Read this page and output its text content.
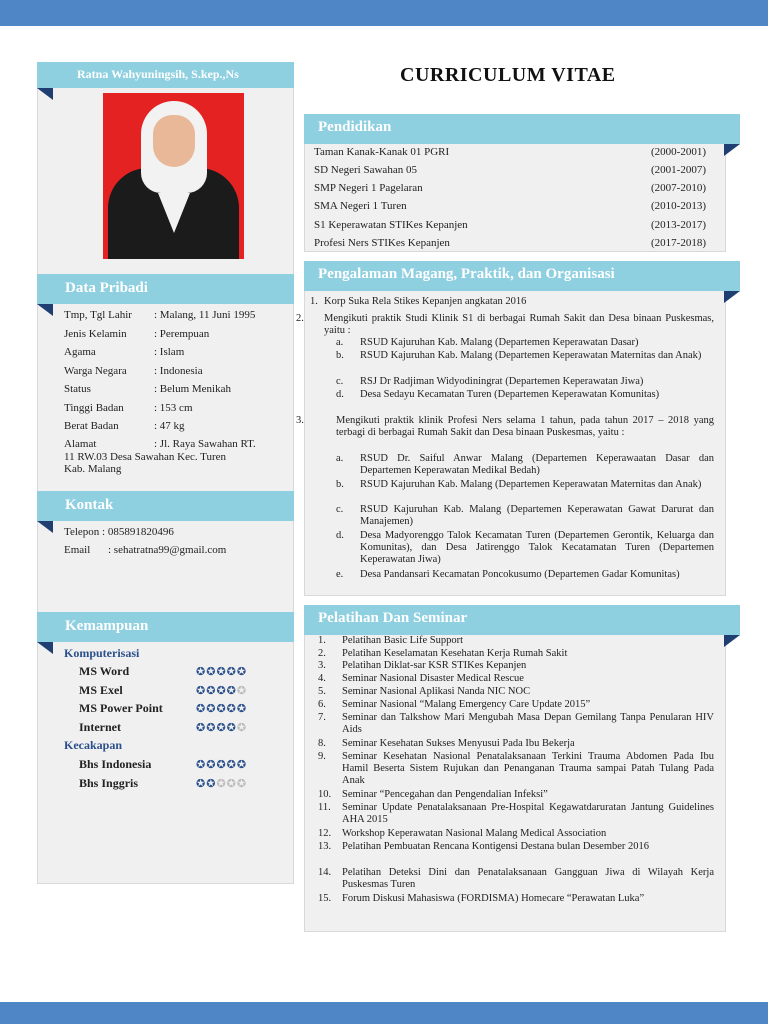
Ratna Wahyuningsih, S.kep.,Ns
Data Pribadi
Tmp, Tgl Lahir : Malang, 11 Juni 1995
Jenis Kelamin : Perempuan
Agama	: Islam
Warga Negara : Indonesia
Status	: Belum Menikah
Tinggi Badan	: 153 cm
Berat Badan	: 47 kg
Alamat	: Jl. Raya Sawahan RT.
11 RW.03 Desa Sawahan Kec. Turen
Kab. Malang
Kontak
Telepon : 085891820496
Email : sehatratna99@gmail.com
Kemampuan
Komputerisasi
MS Word	✪✪✪✪✪
MS Exel	✪✪✪✪✪
MS Power Point	✪✪✪✪✪
Internet	✪✪✪✪✪
Kecakapan
Bhs Indonesia	✪✪✪✪✪
Bhs Inggris	✪✪✪✪✪
CURRICULUM VITAE
Pendidikan
Taman Kanak-Kanak 01 PGRI	(2000-2001)
SD Negeri Sawahan 05	(2001-2007)
SMP Negeri 1 Pagelaran	(2007-2010)
SMA Negeri 1 Turen	(2010-2013)
S1 Keperawatan STIKes Kepanjen	(2013-2017)
Profesi Ners STIKes Kepanjen	(2017-2018)
Pengalaman Magang, Praktik, dan Organisasi
1. Korp Suka Rela Stikes Kepanjen angkatan 2016
2. Mengikuti praktik Studi Klinik S1 di berbagai Rumah Sakit dan Desa binaan Puskesmas, yaitu :
a. RSUD Kajuruhan Kab. Malang (Departemen Keperawatan Dasar)
b. RSUD Kajuruhan Kab. Malang (Departemen Keperawatan Maternitas dan Anak)
c. RSJ Dr Radjiman Widyodiningrat (Departemen Keperawatan Jiwa)
d. Desa Sedayu Kecamatan Turen (Departemen Keperawatan Komunitas)
3.	Mengikuti praktik klinik Profesi Ners selama 1 tahun, pada tahun 2017 – 2018 yang terbagi di berbagai Rumah Sakit dan Desa binaan Puskesmas, yaitu :
a. RSUD Dr. Saiful Anwar Malang (Departemen Keperawaatan Dasar dan Departemen Keperawatan Medikal Bedah)
b. RSUD Kajuruhan Kab. Malang (Departemen Keperawatan Maternitas dan Anak)
c. RSUD Kajuruhan Kab. Malang (Departemen Keperawatan Gawat Darurat dan Manajemen)
d. Desa Madyorenggo Talok Kecamatan Turen (Departemen Gerontik, Keluarga dan Komunitas), dan Desa Jatirenggo Talok Kecatamatan Turen (Departemen Keperawatan Jiwa)
e. Desa Pandansari Kecamatan Poncokusumo (Departemen Gadar Komunitas)
Pelatihan Dan Seminar
1. Pelatihan Basic Life Support
2. Pelatihan Keselamatan Kesehatan Kerja Rumah Sakit
3. Pelatihan Diklat-sar KSR STIKes Kepanjen
4. Seminar Nasional Disaster Medical Rescue
5. Seminar Nasional Aplikasi Nanda NIC NOC
6. Seminar Nasional “Malang Emergency Care Update 2015”
7. Seminar dan Talkshow Mari Mengubah Masa Depan Gemilang Tanpa Penularan HIV Aids
8. Seminar Kesehatan Sukses Menyusui Pada Ibu Bekerja
9. Seminar Kesehatan Nasional Penatalaksanaan Terkini Trauma Abdomen Pada Ibu Hamil Beserta Sistem Rujukan dan Penanganan Trauma sampai Patah Tulang Pada Anak
10. Seminar “Pencegahan dan Pengendalian Infeksi”
11. Seminar Update Penatalaksanaan Pre-Hospital Kegawatdaruratan Jantung Guidelines AHA 2015
12. Workshop Keperawatan Nasional Malang Medical Association
13. Pelatihan Pembuatan Rencana Kontigensi Destana bulan Desember 2016
14. Pelatihan Deteksi Dini dan Penatalaksanaan Gangguan Jiwa di Wilayah Kerja Puskesmas Turen
15. Forum Diskusi Mahasiswa (FORDISMA) Homecare “Perawatan Luka”
